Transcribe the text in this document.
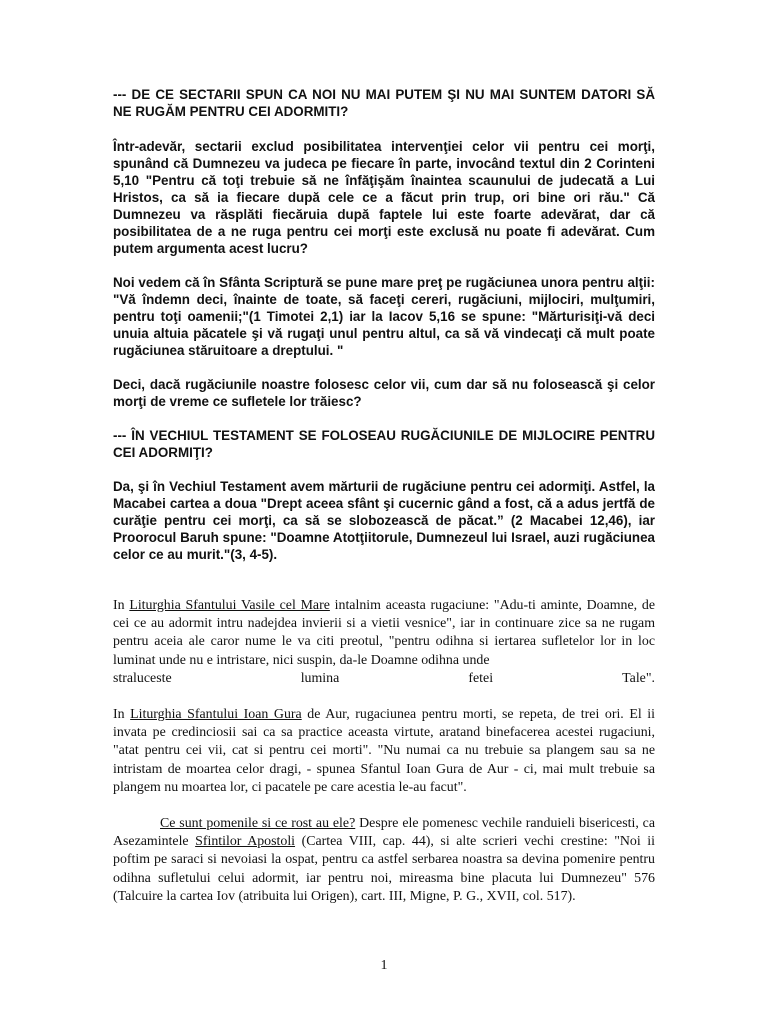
--- DE CE SECTARII SPUN CA NOI NU MAI PUTEM ŞI NU MAI SUNTEM DATORI SĂ NE RUGĂM PENTRU CEI ADORMITI?

Într-adevăr, sectarii exclud posibilitatea intervenţiei celor vii pentru cei morţi, spunând că Dumnezeu va judeca pe fiecare în parte, invocând textul din 2 Corinteni 5,10 "Pentru că toţi trebuie să ne înfăţişăm înaintea scaunului de judecată a Lui Hristos, ca să ia fiecare după cele ce a făcut prin trup, ori bine ori rău." Că Dumnezeu va răsplăti fiecăruia după faptele lui este foarte adevărat, dar că posibilitatea de a ne ruga pentru cei morţi este exclusă nu poate fi adevărat. Cum putem argumenta acest lucru?

Noi vedem că în Sfânta Scriptură se pune mare preţ pe rugăciunea unora pentru alţii: "Vă îndemn deci, înainte de toate, să faceţi cereri, rugăciuni, mijlociri, mulţumiri, pentru toţi oamenii;"(1 Timotei 2,1) iar la Iacov 5,16 se spune: "Mărturisiţi-vă deci unuia altuia păcatele şi vă rugaţi unul pentru altul, ca să vă vindecaţi că mult poate rugăciunea stăruitoare a dreptului. "

Deci, dacă rugăciunile noastre folosesc celor vii, cum dar să nu folosească şi celor morţi de vreme ce sufletele lor trăiesc?

--- ÎN VECHIUL TESTAMENT SE FOLOSEAU RUGĂCIUNILE DE MIJLOCIRE PENTRU CEI ADORMIŢI?

Da, şi în Vechiul Testament avem mărturii de rugăciune pentru cei adormiţi. Astfel, la Macabei cartea a doua "Drept aceea sfânt şi cucernic gând a fost, că a adus jertfă de curăţie pentru cei morţi, ca să se slobozească de păcat.” (2 Macabei 12,46), iar Proorocul Baruh spune: "Doamne Atotţiitorule, Dumnezeul lui Israel, auzi rugăciunea celor ce au murit."(3, 4-5).

In Liturghia Sfantului Vasile cel Mare intalnim aceasta rugaciune: "Adu-ti aminte, Doamne, de cei ce au adormit intru nadejdea invierii si a vietii vesnice", iar in continuare zice sa ne rugam pentru aceia ale caror nume le va citi preotul, "pentru odihna si iertarea sufletelor lor in loc luminat unde nu e intristare, nici suspin, da-le Doamne odihna unde

straluceste	lumina	fetei	Tale".

In Liturghia Sfantului Ioan Gura de Aur, rugaciunea pentru morti, se repeta, de trei ori. El ii invata pe credinciosii sai ca sa practice aceasta virtute, aratand binefacerea acestei rugaciuni, "atat pentru cei vii, cat si pentru cei morti". "Nu numai ca nu trebuie sa plangem sau sa ne intristam de moartea celor dragi, - spunea Sfantul Ioan Gura de Aur - ci, mai mult trebuie sa plangem nu moartea lor, ci pacatele pe care acestia le-au facut".

Ce sunt pomenile si ce rost au ele? Despre ele pomenesc vechile randuieli bisericesti, ca Asezamintele Sfintilor Apostoli (Cartea VIII, cap. 44), si alte scrieri vechi crestine: "Noi ii poftim pe saraci si nevoiasi la ospat, pentru ca astfel serbarea noastra sa devina pomenire pentru odihna sufletului celui adormit, iar pentru noi, mireasma bine placuta lui Dumnezeu" 576 (Talcuire la cartea Iov (atribuita lui Origen), cart. III, Migne, P. G., XVII, col. 517).

1
